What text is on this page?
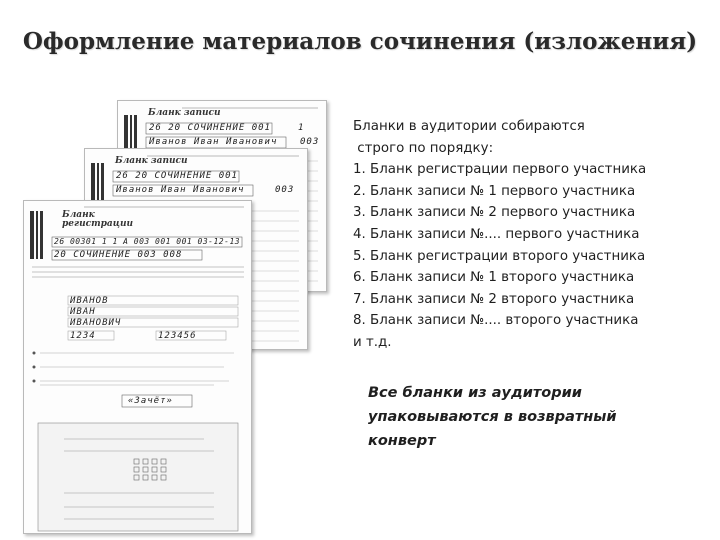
Оформление материалов сочинения (изложения)
Бланк записи
26 20 СОЧИНЕНИЕ 001	1
Иванов Иван Иванович	003
Бланк записи
26 20 СОЧИНЕНИЕ 001
Иванов Иван Иванович	003
Бланк
регистрации
26 00301 1 1 А 003 001 001 03-12-13
20 СОЧИНЕНИЕ 003 008
ИВАНОВ
ИВАН
ИВАНОВИЧ
1234	123456
«Зачёт»
Бланки в аудитории собираются
строго по порядку:
1. Бланк регистрации первого участника
2. Бланк записи № 1 первого участника
3. Бланк записи № 2 первого участника
4. Бланк записи №.... первого участника
5. Бланк регистрации второго участника
6. Бланк записи № 1 второго участника
7. Бланк записи № 2 второго участника
8. Бланк записи №.... второго участника
и т.д.
Все бланки из аудитории
упаковываются в возвратный
конверт
